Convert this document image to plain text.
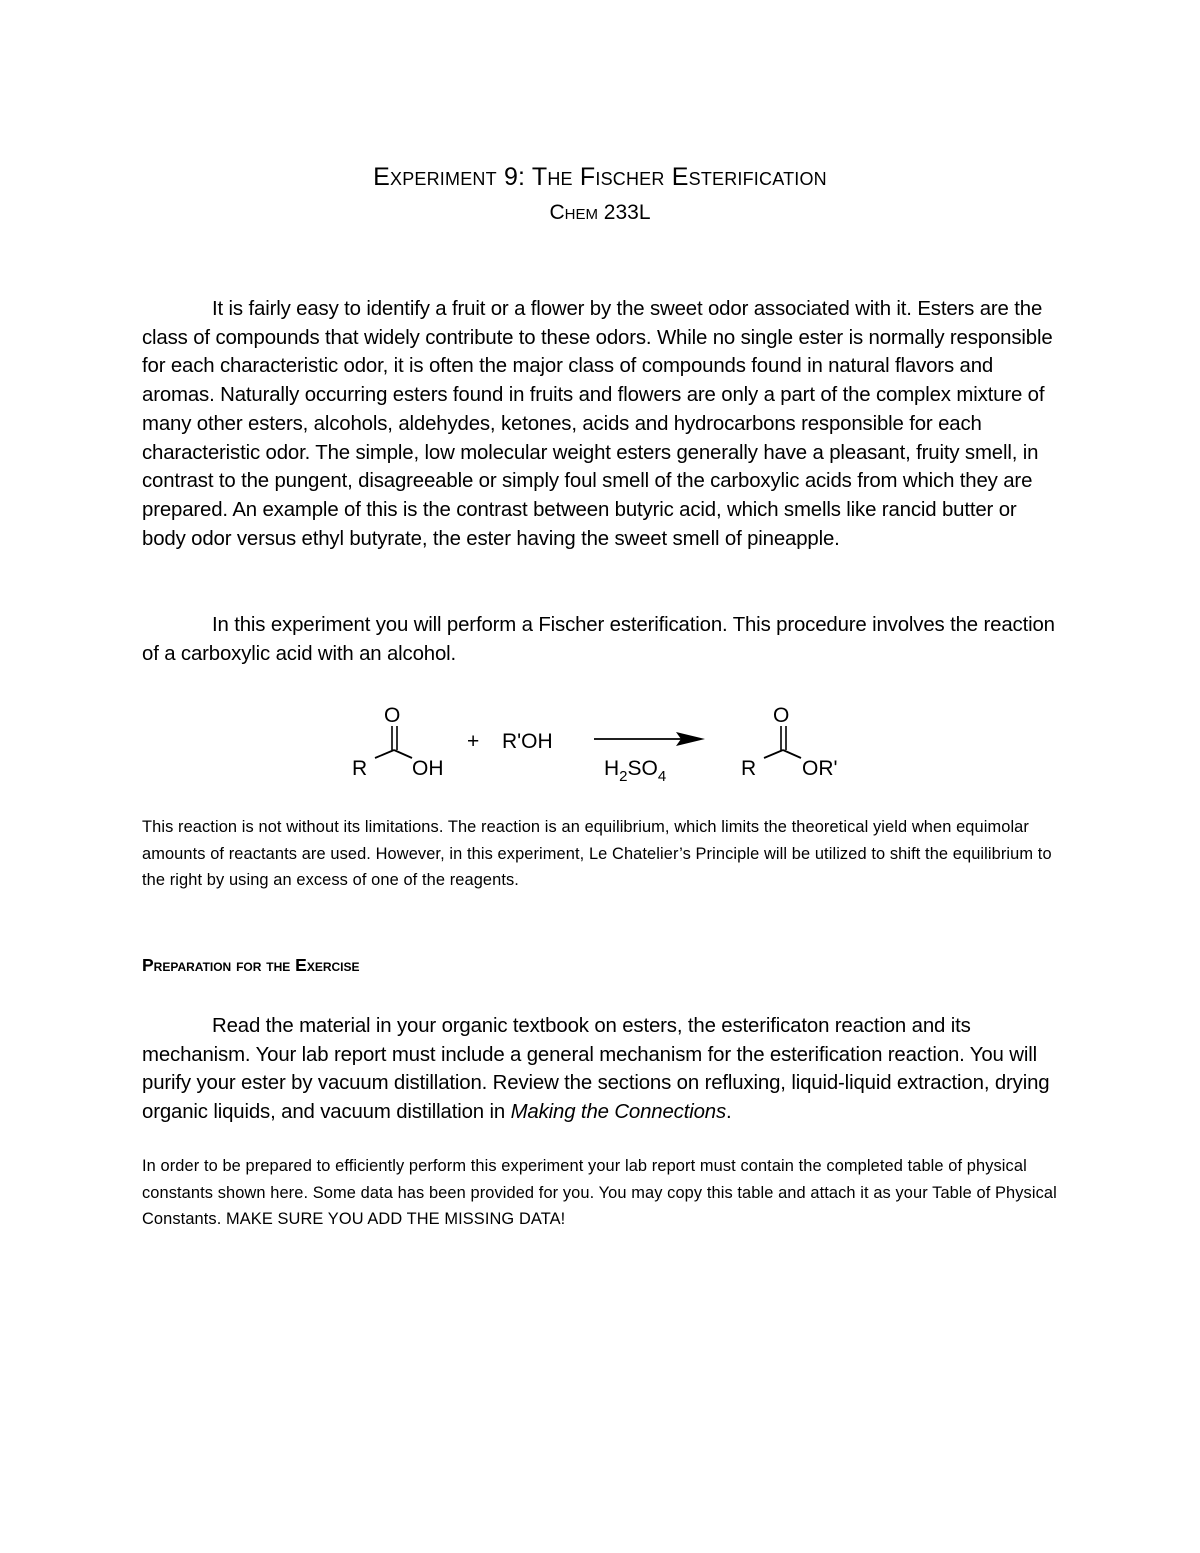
Experiment 9: The Fischer Esterification
Chem 233L

It is fairly easy to identify a fruit or a flower by the sweet odor associated with it. Esters are the class of compounds that widely contribute to these odors. While no single ester is normally responsible for each characteristic odor, it is often the major class of compounds found in natural flavors and aromas. Naturally occurring esters found in fruits and flowers are only a part of the complex mixture of many other esters, alcohols, aldehydes, ketones, acids and hydrocarbons responsible for each characteristic odor. The simple, low molecular weight esters generally have a pleasant, fruity smell, in contrast to the pungent, disagreeable or simply foul smell of the carboxylic acids from which they are prepared. An example of this is the contrast between butyric acid, which smells like rancid butter or body odor versus ethyl butyrate, the ester having the sweet smell of pineapple.

In this experiment you will perform a Fischer esterification. This procedure involves the reaction of a carboxylic acid with an alcohol.

O
R OH
+ R'OH
$H_2SO_4$
O
R OR'

This reaction is not without its limitations. The reaction is an equilibrium, which limits the theoretical yield when equimolar amounts of reactants are used. However, in this experiment, Le Chatelier’s Principle will be utilized to shift the equilibrium to the right by using an excess of one of the reagents.

Preparation for the Exercise

Read the material in your organic textbook on esters, the esterificaton reaction and its mechanism. Your lab report must include a general mechanism for the esterification reaction. You will purify your ester by vacuum distillation. Review the sections on refluxing, liquid-liquid extraction, drying organic liquids, and vacuum distillation in Making the Connections.

In order to be prepared to efficiently perform this experiment your lab report must contain the completed table of physical constants shown here. Some data has been provided for you. You may copy this table and attach it as your Table of Physical Constants. MAKE SURE YOU ADD THE MISSING DATA!
